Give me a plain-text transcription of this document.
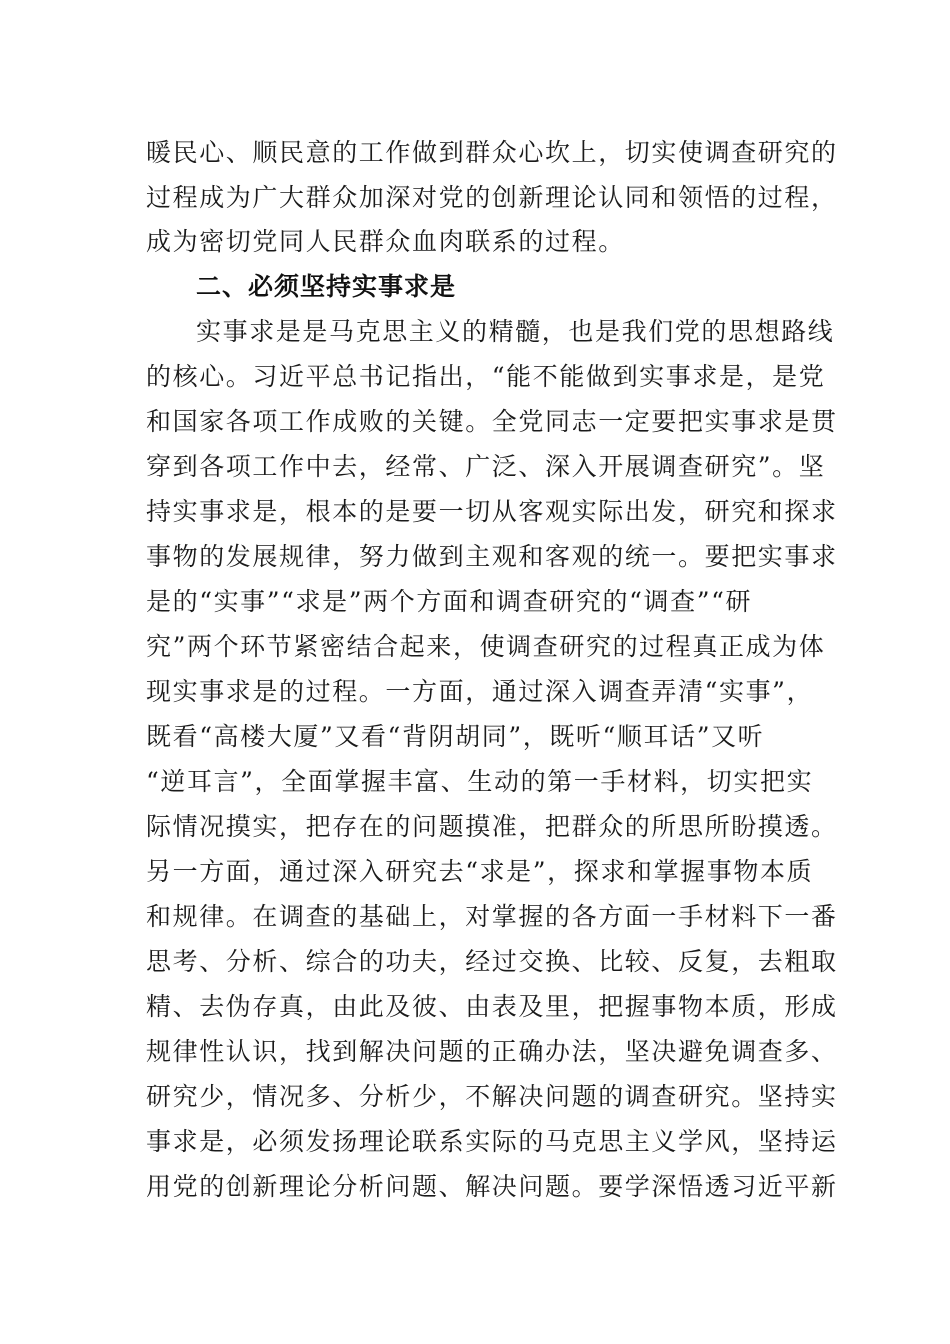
暖民心、顺民意的工作做到群众心坎上，切实使调查研究的
过程成为广大群众加深对党的创新理论认同和领悟的过程，
成为密切党同人民群众血肉联系的过程。
二、必须坚持实事求是
实事求是是马克思主义的精髓，也是我们党的思想路线
的核心。习近平总书记指出，“能不能做到实事求是，是党
和国家各项工作成败的关键。全党同志一定要把实事求是贯
穿到各项工作中去，经常、广泛、深入开展调查研究”。坚
持实事求是，根本的是要一切从客观实际出发，研究和探求
事物的发展规律，努力做到主观和客观的统一。要把实事求
是的“实事”“求是”两个方面和调查研究的“调查”“研
究”两个环节紧密结合起来，使调查研究的过程真正成为体
现实事求是的过程。一方面，通过深入调查弄清“实事”，
既看“高楼大厦”又看“背阴胡同”，既听“顺耳话”又听
“逆耳言”，全面掌握丰富、生动的第一手材料，切实把实
际情况摸实，把存在的问题摸准，把群众的所思所盼摸透。
另一方面，通过深入研究去“求是”，探求和掌握事物本质
和规律。在调查的基础上，对掌握的各方面一手材料下一番
思考、分析、综合的功夫，经过交换、比较、反复，去粗取
精、去伪存真，由此及彼、由表及里，把握事物本质，形成
规律性认识，找到解决问题的正确办法，坚决避免调查多、
研究少，情况多、分析少，不解决问题的调查研究。坚持实
事求是，必须发扬理论联系实际的马克思主义学风，坚持运
用党的创新理论分析问题、解决问题。要学深悟透习近平新
